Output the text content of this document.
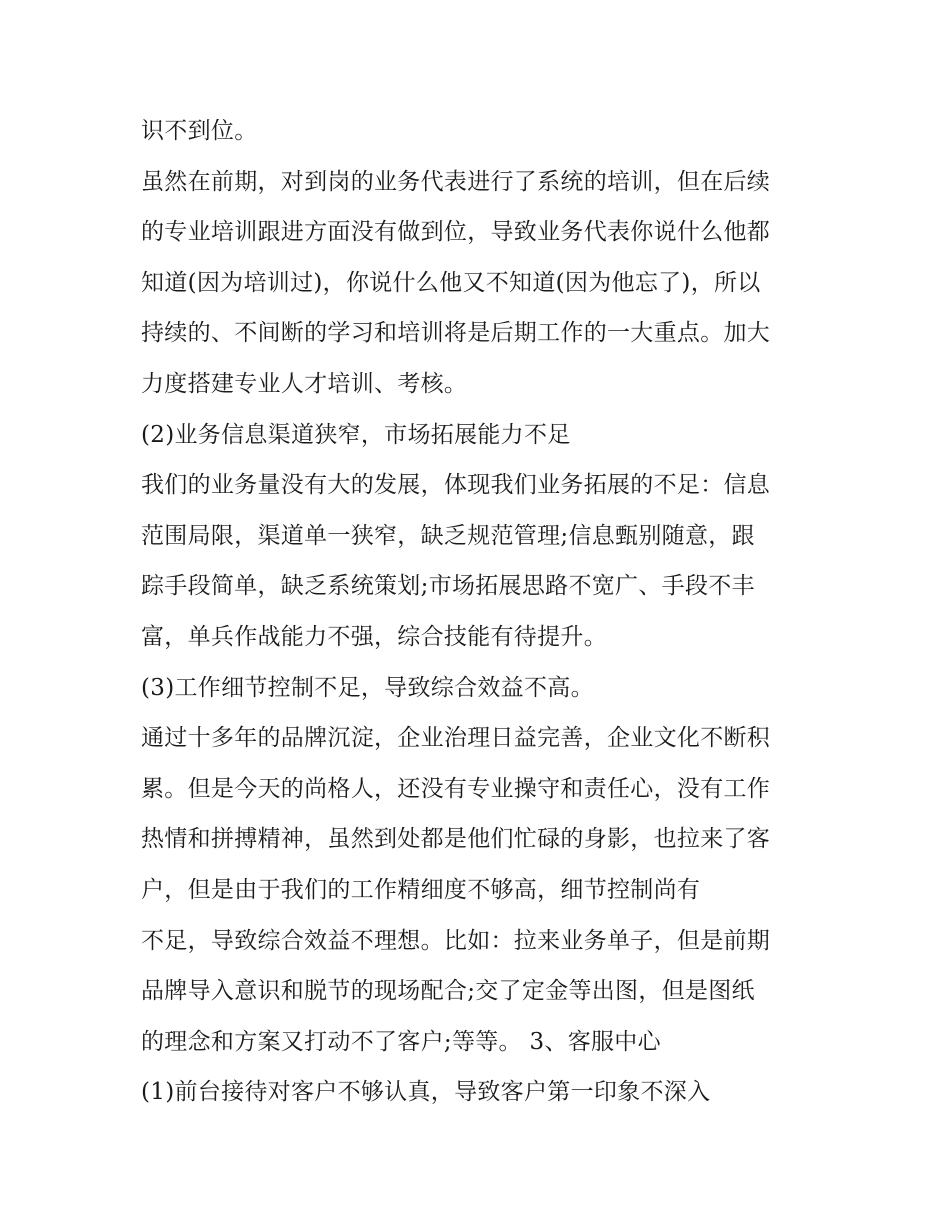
识不到位。
虽然在前期，对到岗的业务代表进行了系统的培训，但在后续
的专业培训跟进方面没有做到位，导致业务代表你说什么他都
知道(因为培训过)，你说什么他又不知道(因为他忘了)，所以
持续的、不间断的学习和培训将是后期工作的一大重点。加大
力度搭建专业人才培训、考核。
(2)业务信息渠道狭窄，市场拓展能力不足
我们的业务量没有大的发展，体现我们业务拓展的不足：信息
范围局限，渠道单一狭窄，缺乏规范管理;信息甄别随意，跟
踪手段简单，缺乏系统策划;市场拓展思路不宽广、手段不丰
富，单兵作战能力不强，综合技能有待提升。
(3)工作细节控制不足，导致综合效益不高。
通过十多年的品牌沉淀，企业治理日益完善，企业文化不断积
累。但是今天的尚格人，还没有专业操守和责任心，没有工作
热情和拼搏精神，虽然到处都是他们忙碌的身影，也拉来了客
户，但是由于我们的工作精细度不够高，细节控制尚有
不足，导致综合效益不理想。比如：拉来业务单子，但是前期
品牌导入意识和脱节的现场配合;交了定金等出图，但是图纸
的理念和方案又打动不了客户;等等。 3、客服中心
(1)前台接待对客户不够认真，导致客户第一印象不深入
